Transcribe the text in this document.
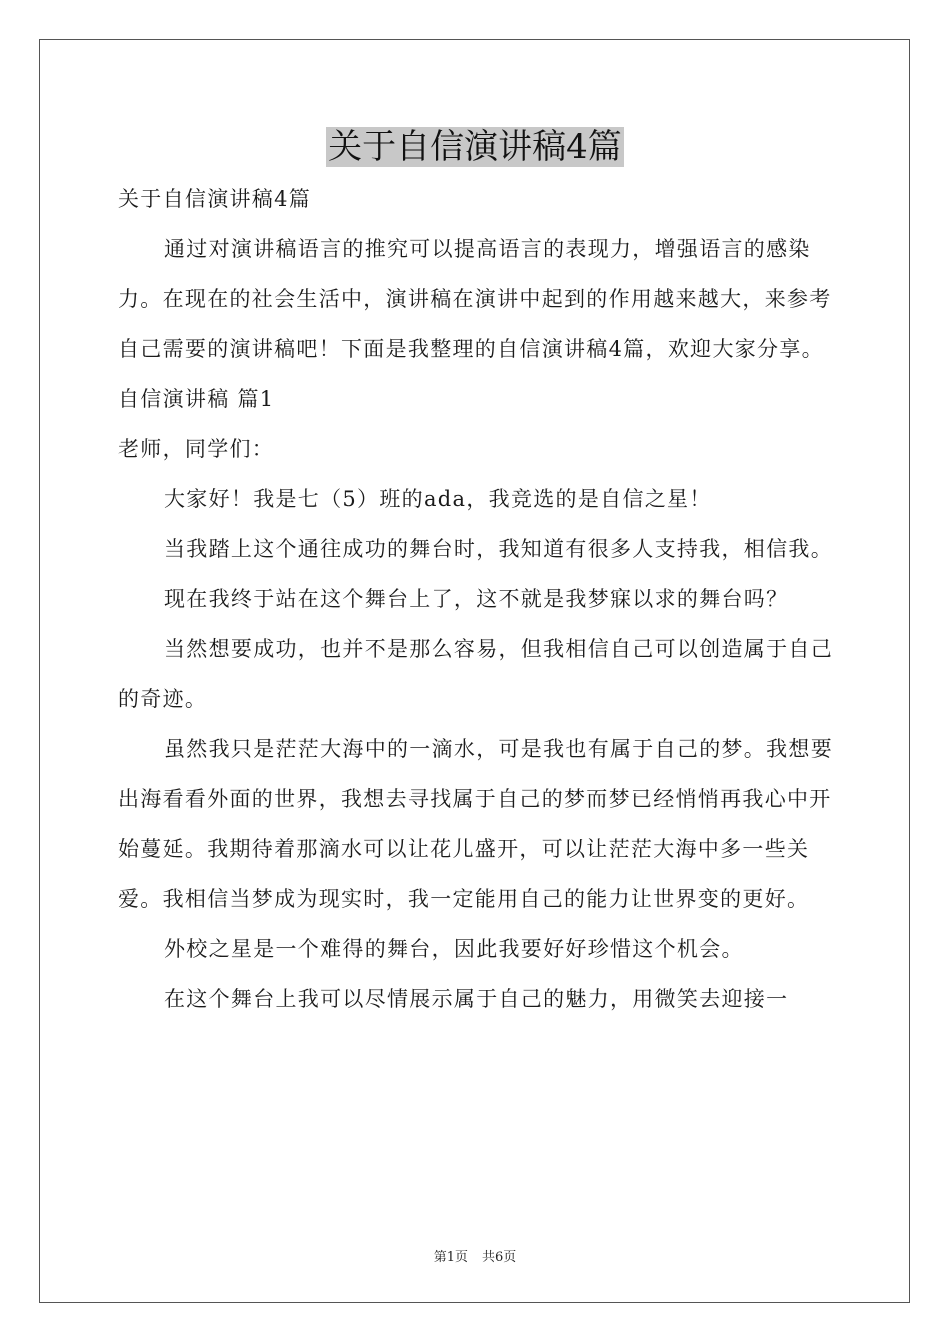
关于自信演讲稿4篇

关于自信演讲稿4篇

通过对演讲稿语言的推究可以提高语言的表现力，增强语言的感染力。在现在的社会生活中，演讲稿在演讲中起到的作用越来越大，来参考自己需要的演讲稿吧！下面是我整理的自信演讲稿4篇，欢迎大家分享。

自信演讲稿 篇1

老师，同学们：

大家好！我是七（5）班的ada，我竞选的是自信之星！

当我踏上这个通往成功的舞台时，我知道有很多人支持我，相信我。

现在我终于站在这个舞台上了，这不就是我梦寐以求的舞台吗？

当然想要成功，也并不是那么容易，但我相信自己可以创造属于自己的奇迹。

虽然我只是茫茫大海中的一滴水，可是我也有属于自己的梦。我想要出海看看外面的世界，我想去寻找属于自己的梦而梦已经悄悄再我心中开始蔓延。我期待着那滴水可以让花儿盛开，可以让茫茫大海中多一些关爱。我相信当梦成为现实时，我一定能用自己的能力让世界变的更好。

外校之星是一个难得的舞台，因此我要好好珍惜这个机会。

在这个舞台上我可以尽情展示属于自己的魅力，用微笑去迎接一

第1页 共6页
